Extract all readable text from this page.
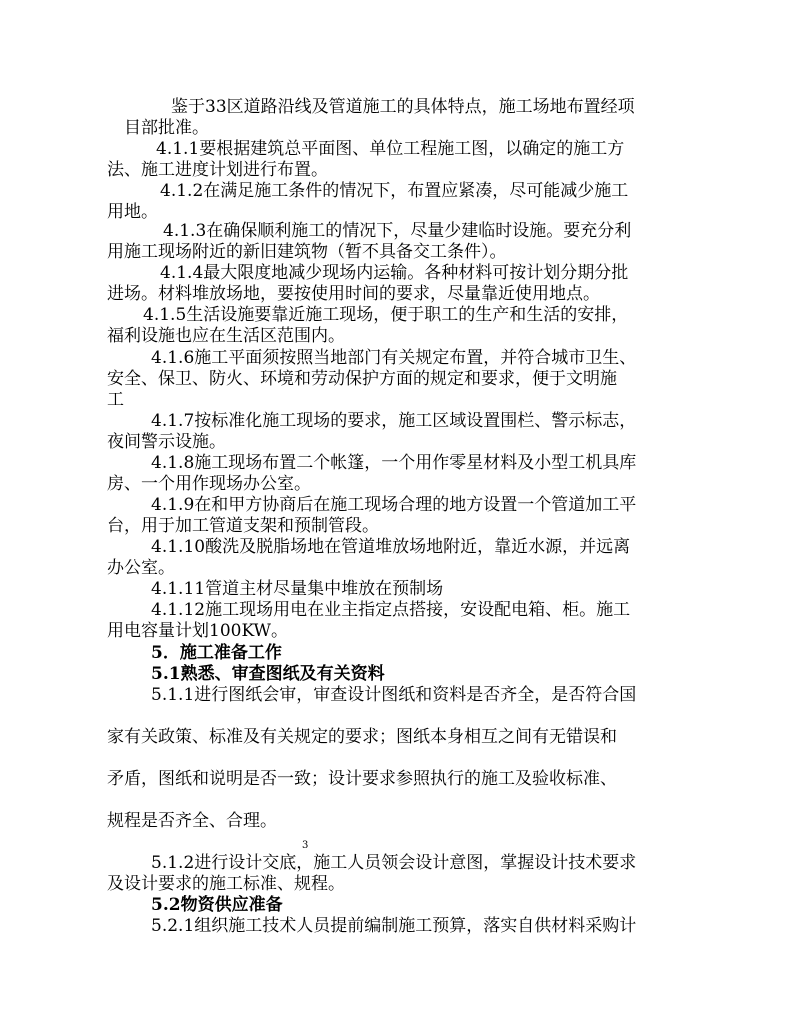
鉴于33区道路沿线及管道施工的具体特点，施工场地布置经项
目部批准。
4.1.1要根据建筑总平面图、单位工程施工图，以确定的施工方
法、施工进度计划进行布置。
4.1.2在满足施工条件的情况下，布置应紧凑，尽可能减少施工
用地。
4.1.3在确保顺利施工的情况下，尽量少建临时设施。要充分利
用施工现场附近的新旧建筑物（暂不具备交工条件）。
4.1.4最大限度地减少现场内运输。各种材料可按计划分期分批
进场。材料堆放场地，要按使用时间的要求，尽量靠近使用地点。
4.1.5生活设施要靠近施工现场，便于职工的生产和生活的安排，
福利设施也应在生活区范围内。
4.1.6施工平面须按照当地部门有关规定布置，并符合城市卫生、
安全、保卫、防火、环境和劳动保护方面的规定和要求，便于文明施
工
4.1.7按标准化施工现场的要求，施工区域设置围栏、警示标志，
夜间警示设施。
4.1.8施工现场布置二个帐篷，一个用作零星材料及小型工机具库
房、一个用作现场办公室。
4.1.9在和甲方协商后在施工现场合理的地方设置一个管道加工平
台，用于加工管道支架和预制管段。
4.1.10酸洗及脱脂场地在管道堆放场地附近，靠近水源，并远离
办公室。
4.1.11管道主材尽量集中堆放在预制场
4.1.12施工现场用电在业主指定点搭接，安设配电箱、柜。施工
用电容量计划100KW。
5．施工准备工作
5.1熟悉、审查图纸及有关资料
5.1.1进行图纸会审，审查设计图纸和资料是否齐全，是否符合国
家有关政策、标准及有关规定的要求；图纸本身相互之间有无错误和
矛盾，图纸和说明是否一致；设计要求参照执行的施工及验收标准、
规程是否齐全、合理。
3
5.1.2进行设计交底，施工人员领会设计意图，掌握设计技术要求
及设计要求的施工标准、规程。
5.2物资供应准备
5.2.1组织施工技术人员提前编制施工预算，落实自供材料采购计
